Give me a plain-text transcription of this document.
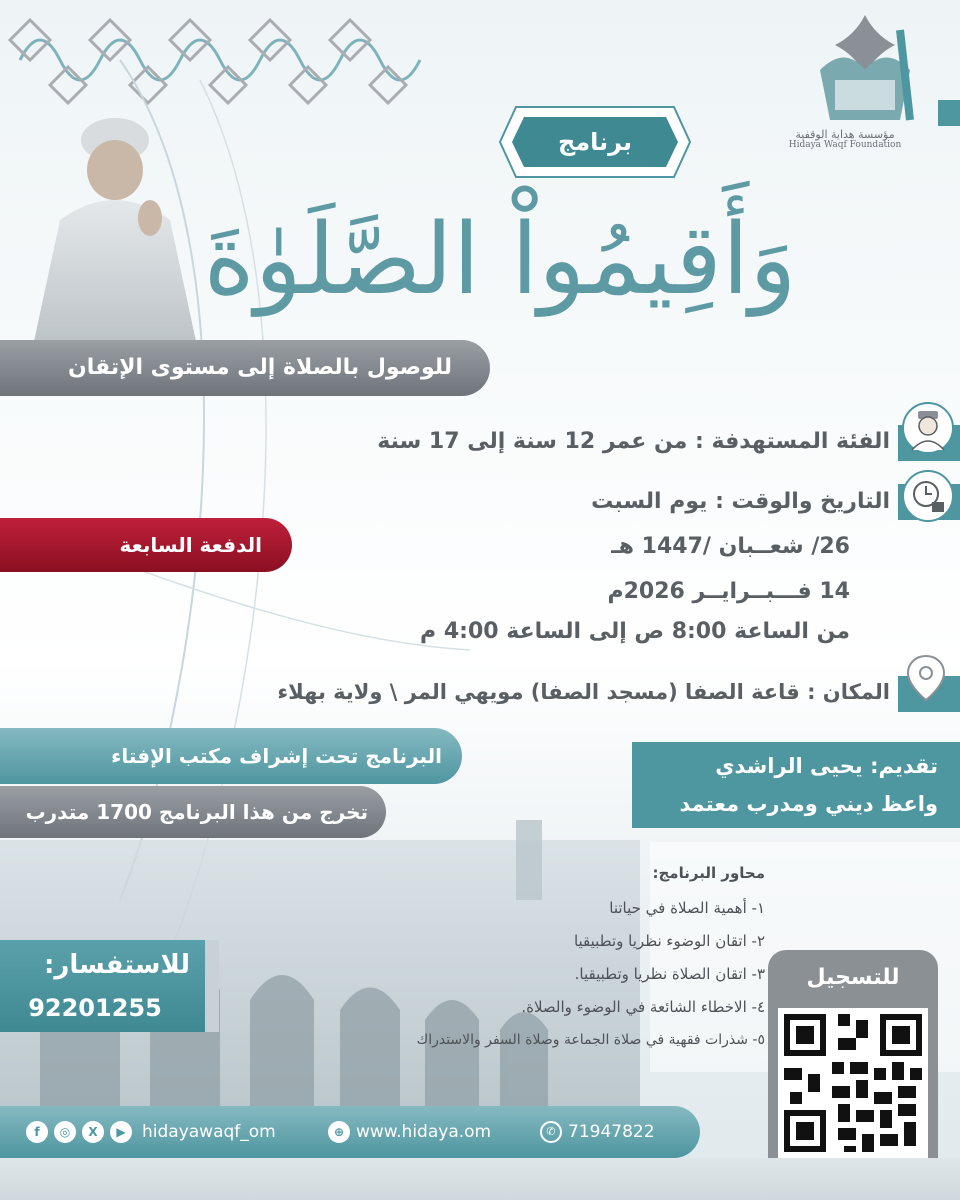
مؤسسة هداية الوقفية
Hidaya Waqf Foundation
برنامج
وَأَقِيمُواْ الصَّلَوٰةَ
للوصول بالصلاة إلى مستوى الإتقان
الفئة المستهدفة : من عمر 12 سنة إلى 17 سنة
التاريخ والوقت : يوم السبت
26/ شعــبان /1447 هـ
14 فـــبــرايــر 2026م
من الساعة 8:00 ص إلى الساعة 4:00 م
الدفعة السابعة
المكان : قاعة الصفا (مسجد الصفا) مويهي المر \ ولاية بهلاء
البرنامج تحت إشراف مكتب الإفتاء
تخرج من هذا البرنامج 1700 متدرب
تقديم: يحيى الراشدي
واعظ ديني ومدرب معتمد
محاور البرنامج:
١- أهمية الصلاة في حياتنا
٢- اتقان الوضوء نظريا وتطبيقيا
٣- اتقان الصلاة نظريا وتطبيقيا.
٤- الاخطاء الشائعة في الوضوء والصلاة.
٥- شذرات فقهية في صلاة الجماعة وصلاة السفر والاستدراك
للاستفسار:
92201255
للتسجيل
f	◎	X	▶ hidayawaqf_om	⊕ www.hidaya.om	✆ 71947822
